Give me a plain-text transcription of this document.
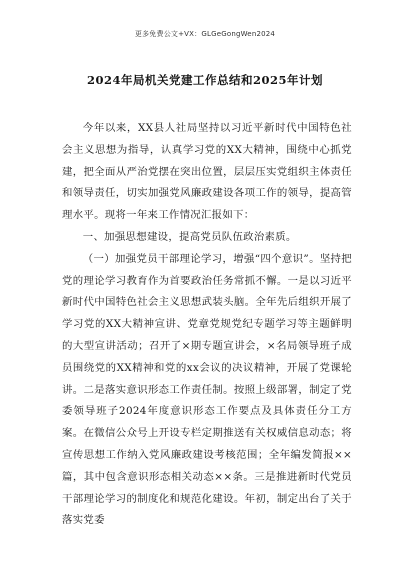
更多免费公文+VX：GLGeGongWen2024
2024年局机关党建工作总结和2025年计划

今年以来，XX县人社局坚持以习近平新时代中国特色社会主义思想为指导，认真学习党的XX大精神，围绕中心抓党建，把全面从严治党摆在突出位置，层层压实党组织主体责任和领导责任，切实加强党风廉政建设各项工作的领导，提高管理水平。现将一年来工作情况汇报如下：

一、加强思想建设，提高党员队伍政治素质。

（一）加强党员干部理论学习，增强“四个意识”。坚持把党的理论学习教育作为首要政治任务常抓不懈。一是以习近平新时代中国特色社会主义思想武装头脑。全年先后组织开展了学习党的XX大精神宣讲、党章党规党纪专题学习等主题鲜明的大型宣讲活动；召开了×期专题宣讲会，×名局领导班子成员围绕党的XX精神和党的xx会议的决议精神，开展了党课轮讲。二是落实意识形态工作责任制。按照上级部署，制定了党委领导班子2024年度意识形态工作要点及具体责任分工方案。在微信公众号上开设专栏定期推送有关权威信息动态；将宣传思想工作纳入党风廉政建设考核范围；全年编发简报××篇，其中包含意识形态相关动态××条。三是推进新时代党员干部理论学习的制度化和规范化建设。年初，制定出台了关于落实党委
